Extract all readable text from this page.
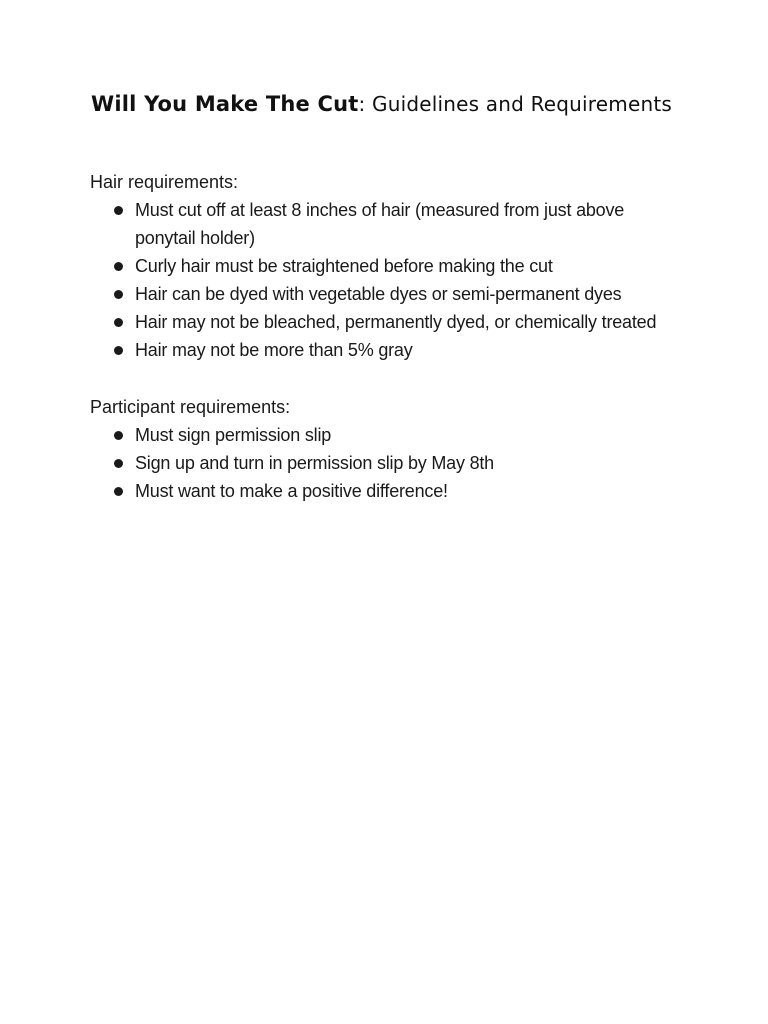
Will You Make The Cut: Guidelines and Requirements

Hair requirements:

Must cut off at least 8 inches of hair (measured from just above ponytail holder)
Curly hair must be straightened before making the cut
Hair can be dyed with vegetable dyes or semi-permanent dyes
Hair may not be bleached, permanently dyed, or chemically treated
Hair may not be more than 5% gray

Participant requirements:

Must sign permission slip
Sign up and turn in permission slip by May 8th
Must want to make a positive difference!
